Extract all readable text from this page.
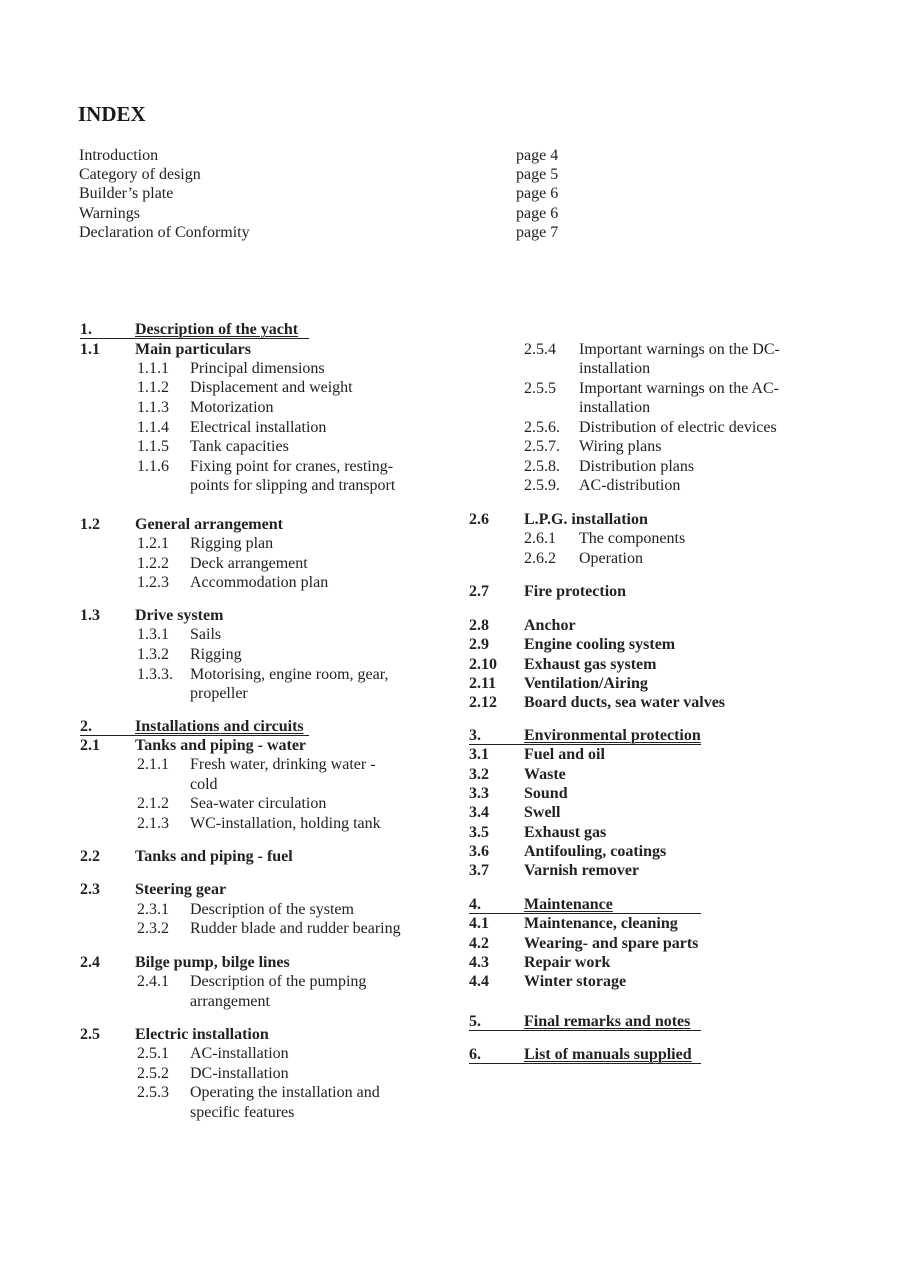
INDEX
Introduction	page 4
Category of design	page 5
Builder’s plate	page 6
Warnings	page 6
Declaration of Conformity	page 7
1.	Description of the yacht
1.1 Main particulars
1.1.1 Principal dimensions
1.1.2 Displacement and weight
1.1.3 Motorization
1.1.4 Electrical installation
1.1.5 Tank capacities
1.1.6 Fixing point for cranes, resting-
points for slipping and transport
1.2 General arrangement
1.2.1 Rigging plan
1.2.2 Deck arrangement
1.2.3 Accommodation plan
1.3 Drive system
1.3.1 Sails
1.3.2 Rigging
1.3.3. Motorising, engine room, gear,
propeller
2.	Installations and circuits
2.1 Tanks and piping - water
2.1.1 Fresh water, drinking water -
cold
2.1.2 Sea-water circulation
2.1.3 WC-installation, holding tank
2.2 Tanks and piping - fuel
2.3 Steering gear
2.3.1 Description of the system
2.3.2 Rudder blade and rudder bearing
2.4 Bilge pump, bilge lines
2.4.1 Description of the pumping
arrangement
2.5 Electric installation
2.5.1 AC-installation
2.5.2 DC-installation
2.5.3 Operating the installation and
specific features
2.5.4 Important warnings on the DC-
installation
2.5.5 Important warnings on the AC-
installation
2.5.6. Distribution of electric devices
2.5.7. Wiring plans
2.5.8. Distribution plans
2.5.9. AC-distribution
2.6 L.P.G. installation
2.6.1 The components
2.6.2 Operation
2.7 Fire protection
2.8 Anchor
2.9 Engine cooling system
2.10 Exhaust gas system
2.11 Ventilation/Airing
2.12 Board ducts, sea water valves
3.	Environmental protection
3.1 Fuel and oil
3.2 Waste
3.3 Sound
3.4 Swell
3.5 Exhaust gas
3.6 Antifouling, coatings
3.7 Varnish remover
4.	Maintenance
4.1 Maintenance, cleaning
4.2 Wearing- and spare parts
4.3 Repair work
4.4 Winter storage
5.	Final remarks and notes
6.	List of manuals supplied
